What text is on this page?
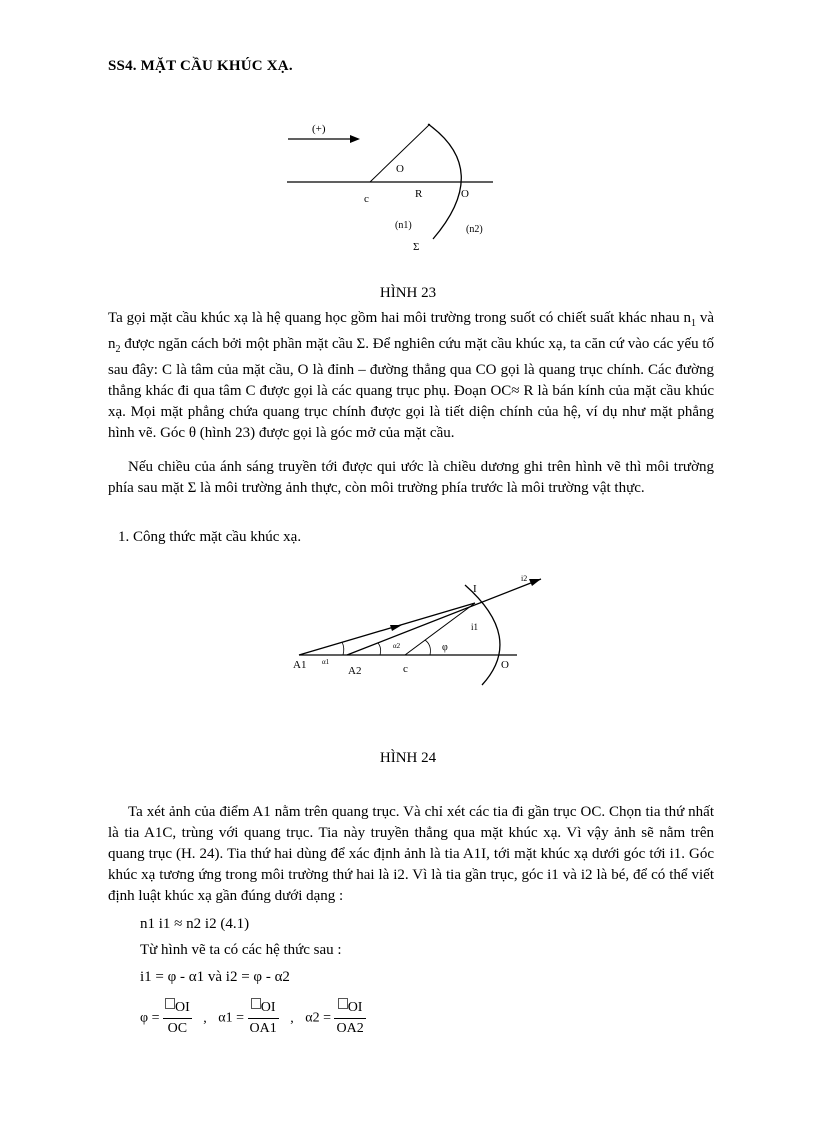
SS4. MẶT CẦU KHÚC XẠ.
(+)
O
c	R	O
(n1)	(n2)
Σ
HÌNH 23

Ta gọi mặt cầu khúc xạ là hệ quang học gồm hai môi trường trong suốt có chiết suất khác nhau $n_1$ và $n_2$ được ngăn cách bởi một phần mặt cầu Σ. Để nghiên cứu mặt cầu khúc xạ, ta căn cứ vào các yếu tố sau đây: C là tâm của mặt cầu, O là đỉnh – đường thẳng qua CO gọi là quang trục chính. Các đường thẳng khác đi qua tâm C được gọi là các quang trục phụ. Đoạn OC≈ R là bán kính của mặt cầu khúc xạ. Mọi mặt phẳng chứa quang trục chính được gọi là tiết diện chính của hệ, ví dụ như mặt phẳng hình vẽ. Góc θ (hình 23) được gọi là góc mở của mặt cầu.

Nếu chiều của ánh sáng truyền tới được qui ước là chiều dương ghi trên hình vẽ thì môi trường phía sau mặt Σ là môi trường ảnh thực, còn môi trường phía trước là môi trường vật thực.

1. Công thức mặt cầu khúc xạ.
I
i2
i1
α2	φ
A1 α1
A2	c	O
HÌNH 24

Ta xét ảnh của điểm A1 nằm trên quang trục. Và chỉ xét các tia đi gần trục OC. Chọn tia thứ nhất là tia A1C, trùng với quang trục. Tia này truyền thẳng qua mặt khúc xạ. Vì vậy ảnh sẽ nằm trên quang trục (H. 24). Tia thứ hai dùng để xác định ảnh là tia A1I, tới mặt khúc xạ dưới góc tới i1. Góc khúc xạ tương ứng trong môi trường thứ hai là i2. Vì là tia gần trục, góc i1 và i2 là bé, để có thể viết định luật khúc xạ gần đúng dưới dạng :

n1 i1 ≈ n2 i2 (4.1)
Từ hình vẽ ta có các hệ thức sau :
i1 = φ - α1 và i2 = φ - α2
$\varphi = \frac{OI}{OC}$ , $\alpha 1 = \frac{OI}{OA1}$ , $\alpha 2 = \frac{OI}{OA2}$
